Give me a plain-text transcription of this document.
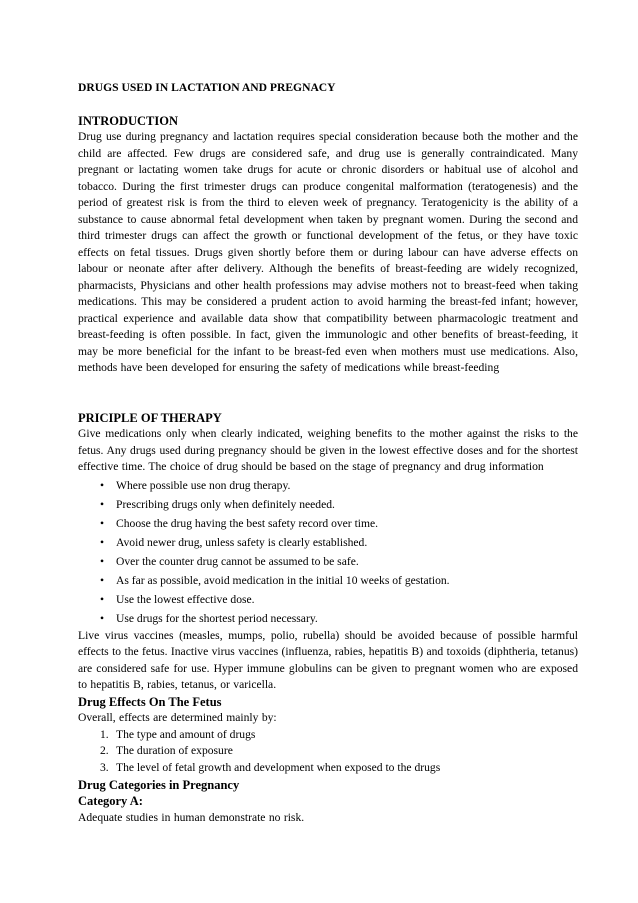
DRUGS USED IN LACTATION AND PREGNACY

INTRODUCTION

Drug use during pregnancy and lactation requires special consideration because both the mother and the child are affected. Few drugs are considered safe, and drug use is generally contraindicated. Many pregnant or lactating women take drugs for acute or chronic disorders or habitual use of alcohol and tobacco. During the first trimester drugs can produce congenital malformation (teratogenesis) and the period of greatest risk is from the third to eleven week of pregnancy. Teratogenicity is the ability of a substance to cause abnormal fetal development when taken by pregnant women. During the second and third trimester drugs can affect the growth or functional development of the fetus, or they have toxic effects on fetal tissues. Drugs given shortly before them or during labour can have adverse effects on labour or neonate after after delivery. Although the benefits of breast-feeding are widely recognized, pharmacists, Physicians and other health professions may advise mothers not to breast-feed when taking medications. This may be considered a prudent action to avoid harming the breast-fed infant; however, practical experience and available data show that compatibility between pharmacologic treatment and breast-feeding is often possible. In fact, given the immunologic and other benefits of breast-feeding, it may be more beneficial for the infant to be breast-fed even when mothers must use medications. Also, methods have been developed for ensuring the safety of medications while breast-feeding

PRICIPLE OF THERAPY

Give medications only when clearly indicated, weighing benefits to the mother against the risks to the fetus. Any drugs used during pregnancy should be given in the lowest effective doses and for the shortest effective time. The choice of drug should be based on the stage of pregnancy and drug information

• Where possible use non drug therapy.
• Prescribing drugs only when definitely needed.
• Choose the drug having the best safety record over time.
• Avoid newer drug, unless safety is clearly established.
• Over the counter drug cannot be assumed to be safe.
• As far as possible, avoid medication in the initial 10 weeks of gestation.
• Use the lowest effective dose.
• Use drugs for the shortest period necessary.

Live virus vaccines (measles, mumps, polio, rubella) should be avoided because of possible harmful effects to the fetus. Inactive virus vaccines (influenza, rabies, hepatitis B) and toxoids (diphtheria, tetanus) are considered safe for use. Hyper immune globulins can be given to pregnant women who are exposed to hepatitis B, rabies, tetanus, or varicella.

Drug Effects On The Fetus

Overall, effects are determined mainly by:

1. The type and amount of drugs
2. The duration of exposure
3. The level of fetal growth and development when exposed to the drugs

Drug Categories in Pregnancy

Category A:

Adequate studies in human demonstrate no risk.
